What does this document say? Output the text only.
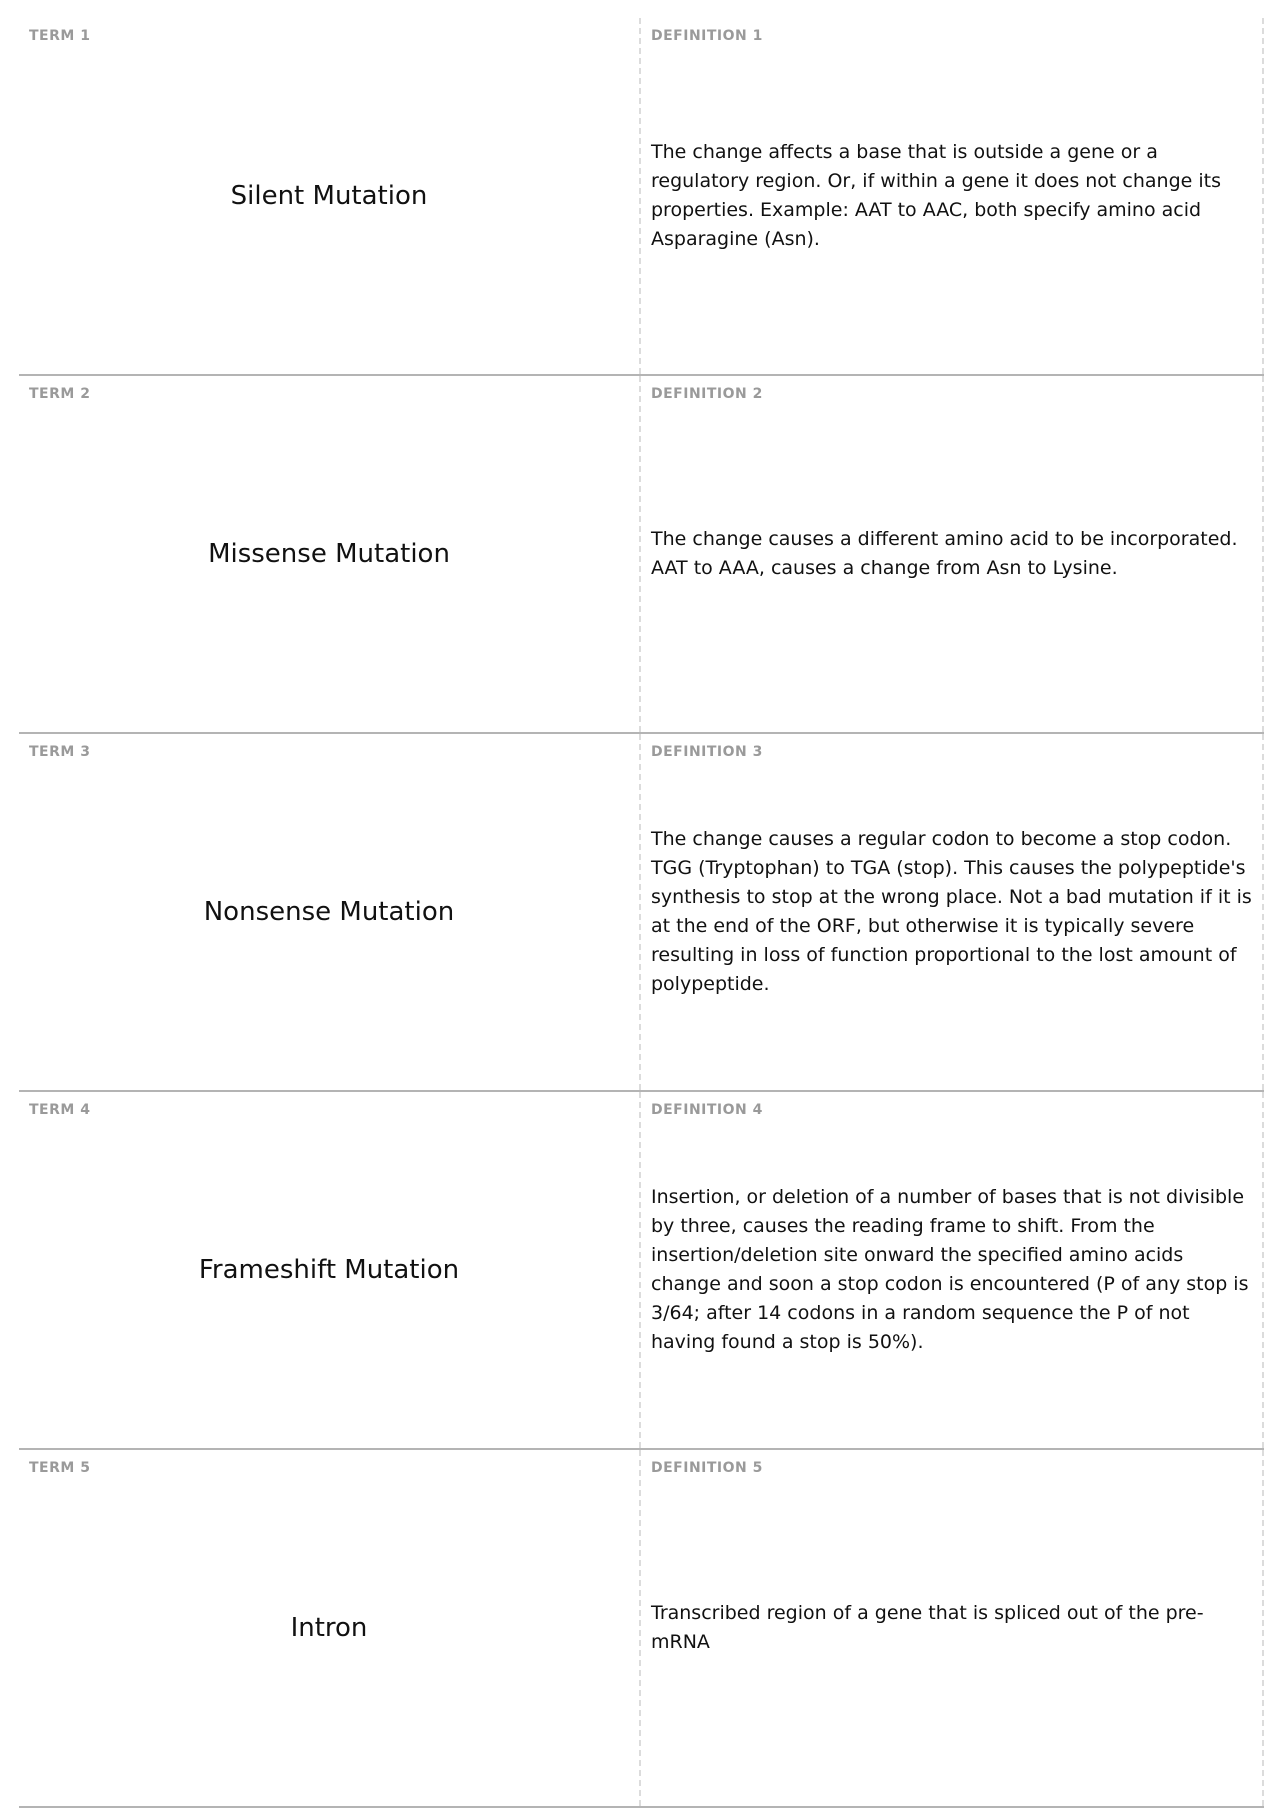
TERM 1
Silent Mutation
DEFINITION 1
The change affects a base that is outside a gene or a regulatory region. Or, if within a gene it does not change its properties. Example: AAT to AAC, both specify amino acid Asparagine (Asn).
TERM 2
Missense Mutation
DEFINITION 2
The change causes a different amino acid to be incorporated. AAT to AAA, causes a change from Asn to Lysine.
TERM 3
Nonsense Mutation
DEFINITION 3
The change causes a regular codon to become a stop codon. TGG (Tryptophan) to TGA (stop). This causes the polypeptide's synthesis to stop at the wrong place. Not a bad mutation if it is at the end of the ORF, but otherwise it is typically severe resulting in loss of function proportional to the lost amount of polypeptide.
TERM 4
Frameshift Mutation
DEFINITION 4
Insertion, or deletion of a number of bases that is not divisible by three, causes the reading frame to shift. From the insertion/deletion site onward the specified amino acids change and soon a stop codon is encountered (P of any stop is 3/64; after 14 codons in a random sequence the P of not having found a stop is 50%).
TERM 5
Intron
DEFINITION 5
Transcribed region of a gene that is spliced out of the pre-mRNA
